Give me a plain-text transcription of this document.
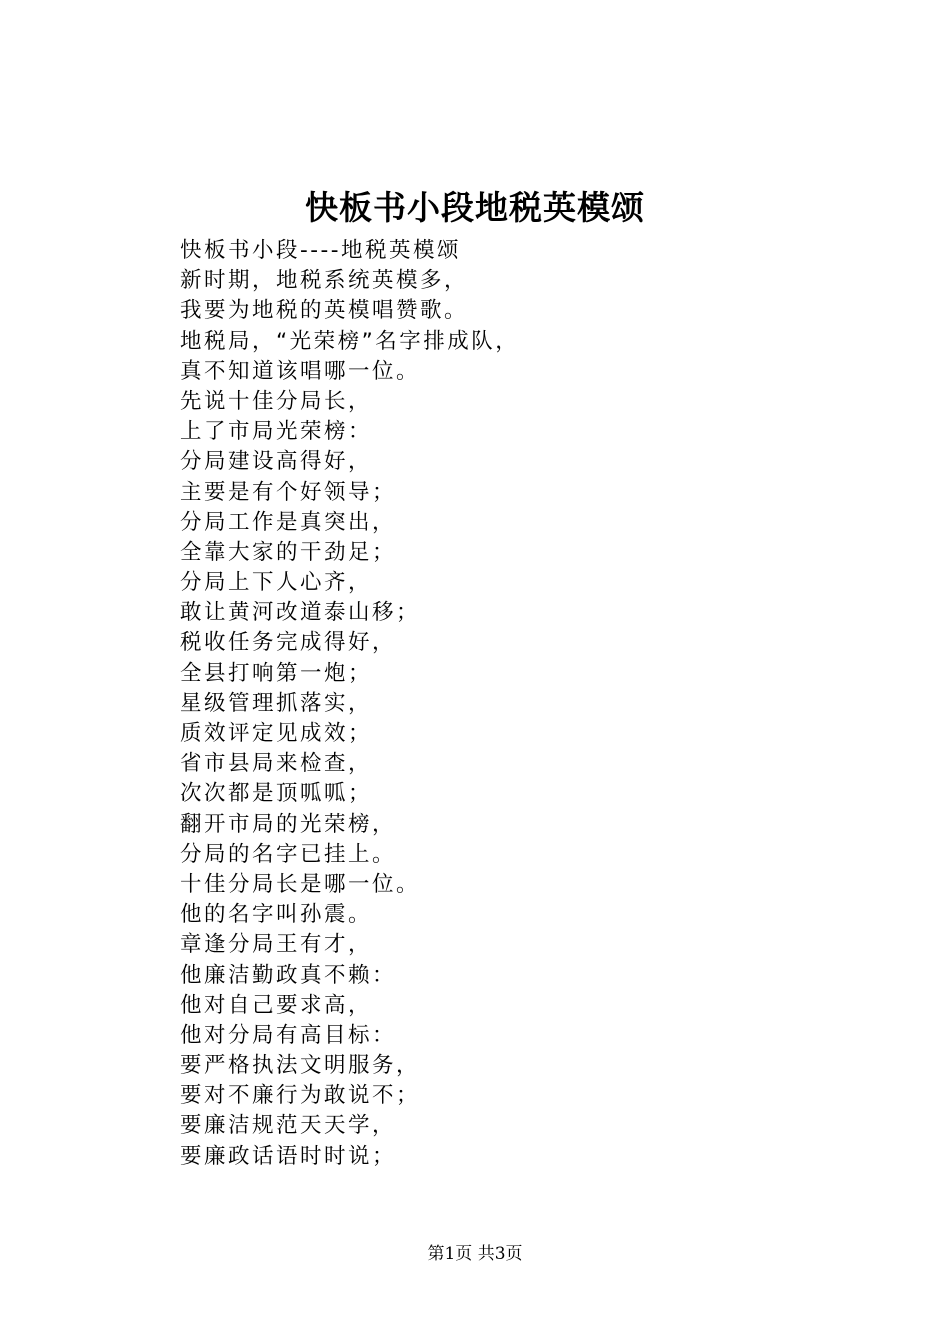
快板书小段地税英模颂
快板书小段----地税英模颂
新时期，地税系统英模多，
我要为地税的英模唱赞歌。
地税局，“光荣榜”名字排成队，
真不知道该唱哪一位。
先说十佳分局长，
上了市局光荣榜：
分局建设高得好，
主要是有个好领导；
分局工作是真突出，
全靠大家的干劲足；
分局上下人心齐，
敢让黄河改道泰山移；
税收任务完成得好，
全县打响第一炮；
星级管理抓落实，
质效评定见成效；
省市县局来检查，
次次都是顶呱呱；
翻开市局的光荣榜，
分局的名字已挂上。
十佳分局长是哪一位。
他的名字叫孙震。
章逢分局王有才，
他廉洁勤政真不赖：
他对自己要求高，
他对分局有高目标：
要严格执法文明服务，
要对不廉行为敢说不；
要廉洁规范天天学，
要廉政话语时时说；
第1页 共3页
